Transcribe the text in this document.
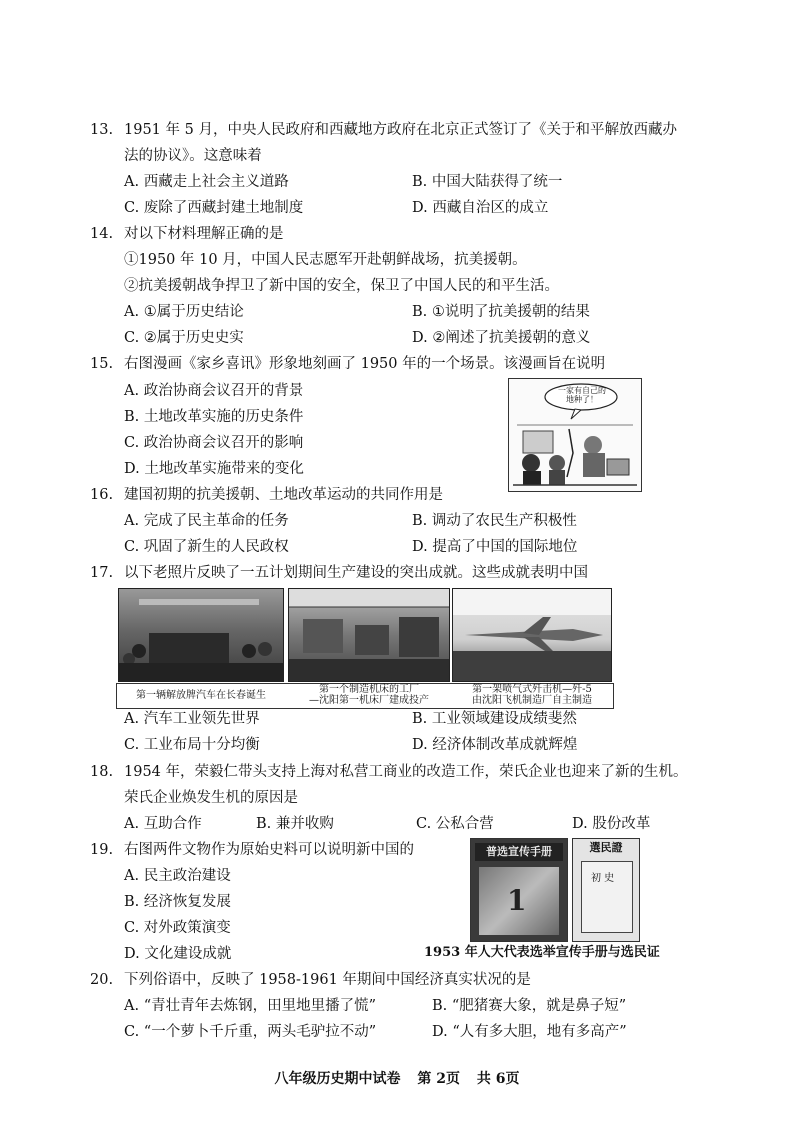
13. 1951 年 5 月，中央人民政府和西藏地方政府在北京正式签订了《关于和平解放西藏办
法的协议》。这意味着
A. 西藏走上社会主义道路	B. 中国大陆获得了统一
C. 废除了西藏封建土地制度	D. 西藏自治区的成立
14. 对以下材料理解正确的是
①1950 年 10 月，中国人民志愿军开赴朝鲜战场，抗美援朝。
②抗美援朝战争捍卫了新中国的安全，保卫了中国人民的和平生活。
A. ①属于历史结论	B. ①说明了抗美援朝的结果
C. ②属于历史史实	D. ②阐述了抗美援朝的意义
15. 右图漫画《家乡喜讯》形象地刻画了 1950 年的一个场景。该漫画旨在说明
A. 政治协商会议召开的背景
B. 土地改革实施的历史条件
C. 政治协商会议召开的影响
D. 土地改革实施带来的变化
一家有自己的地种了！
16. 建国初期的抗美援朝、土地改革运动的共同作用是
A. 完成了民主革命的任务	B. 调动了农民生产积极性
C. 巩固了新生的人民政权	D. 提高了中国的国际地位
17. 以下老照片反映了一五计划期间生产建设的突出成就。这些成就表明中国
第一辆解放牌汽车在长春诞生
第一个制造机床的工厂
—沈阳第一机床厂建成投产
第一架喷气式歼击机—歼-5
由沈阳飞机制造厂自主制造
A. 汽车工业领先世界	B. 工业领域建设成绩斐然
C. 工业布局十分均衡	D. 经济体制改革成就辉煌
18. 1954 年，荣毅仁带头支持上海对私营工商业的改造工作，荣氏企业也迎来了新的生机。
荣氏企业焕发生机的原因是
A. 互助合作	B. 兼并收购	C. 公私合营	D. 股份改革
19. 右图两件文物作为原始史料可以说明新中国的
A. 民主政治建设
B. 经济恢复发展
C. 对外政策演变
D. 文化建设成就
普选宣传手册
1
選民證
初 史
1953 年人大代表选举宣传手册与选民证
20. 下列俗语中，反映了 1958-1961 年期间中国经济真实状况的是
A. “青壮青年去炼钢，田里地里播了慌”	B. “肥猪赛大象，就是鼻子短”
C. “一个萝卜千斤重，两头毛驴拉不动”	D. “人有多大胆，地有多高产”
八年级历史期中试卷 第 2页 共 6页
